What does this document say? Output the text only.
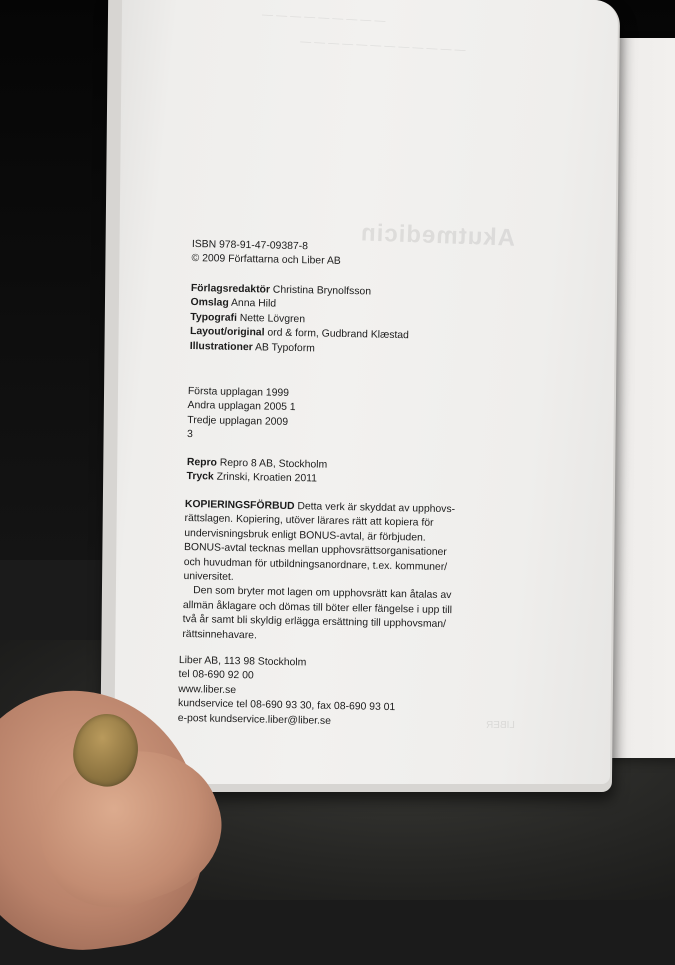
— — — — — — — — —
— — — — — — — — — — — —
Akutmedicin
LIBER
ISBN 978-91-47-09387-8
© 2009 Författarna och Liber AB
Förlagsredaktör Christina Brynolfsson
Omslag Anna Hild
Typografi Nette Lövgren
Layout/original ord & form, Gudbrand Klæstad
Illustrationer AB Typoform
Första upplagan 1999
Andra upplagan 2005 1
Tredje upplagan 2009
3
Repro Repro 8 AB, Stockholm
Tryck Zrinski, Kroatien 2011
KOPIERINGSFÖRBUD Detta verk är skyddat av upphovs-
rättslagen. Kopiering, utöver lärares rätt att kopiera för
undervisningsbruk enligt BONUS-avtal, är förbjuden.
BONUS-avtal tecknas mellan upphovsrättsorganisationer
och huvudman för utbildningsanordnare, t.ex. kommuner/
universitet.
Den som bryter mot lagen om upphovsrätt kan åtalas av
allmän åklagare och dömas till böter eller fängelse i upp till
två år samt bli skyldig erlägga ersättning till upphovsman/
rättsinnehavare.
Liber AB, 113 98 Stockholm
tel 08-690 92 00
www.liber.se
kundservice tel 08-690 93 30, fax 08-690 93 01
e-post kundservice.liber@liber.se
